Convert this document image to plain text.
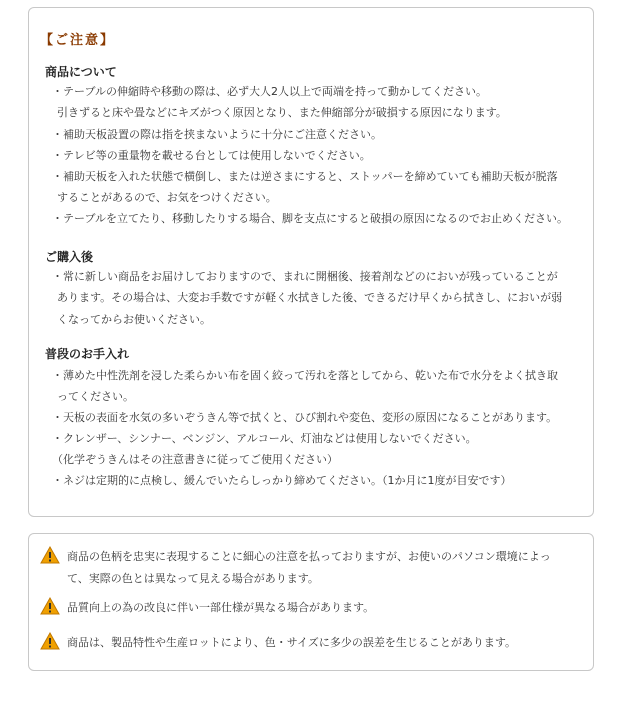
【ご注意】
商品について
・テーブルの伸縮時や移動の際は、必ず大人2人以上で両端を持って動かしてください。
引きずると床や畳などにキズがつく原因となり、また伸縮部分が破損する原因になります。
・補助天板設置の際は指を挟まないように十分にご注意ください。
・テレビ等の重量物を載せる台としては使用しないでください。
・補助天板を入れた状態で横倒し、または逆さまにすると、ストッパーを締めていても補助天板が脱落
することがあるので、お気をつけください。
・テーブルを立てたり、移動したりする場合、脚を支点にすると破損の原因になるのでお止めください。
ご購入後
・常に新しい商品をお届けしておりますので、まれに開梱後、接着剤などのにおいが残っていることが
あります。その場合は、大変お手数ですが軽く水拭きした後、できるだけ早くから拭きし、においが弱
くなってからお使いください。
普段のお手入れ
・薄めた中性洗剤を浸した柔らかい布を固く絞って汚れを落としてから、乾いた布で水分をよく拭き取
ってください。
・天板の表面を水気の多いぞうきん等で拭くと、ひび割れや変色、変形の原因になることがあります。
・クレンザー、シンナー、ベンジン、アルコール、灯油などは使用しないでください。
（化学ぞうきんはその注意書きに従ってご使用ください）
・ネジは定期的に点検し、緩んでいたらしっかり締めてください。（1か月に1度が目安です）
商品の色柄を忠実に表現することに細心の注意を払っておりますが、お使いのパソコン環境によっ
て、実際の色とは異なって見える場合があります。
品質向上の為の改良に伴い一部仕様が異なる場合があります。
商品は、製品特性や生産ロットにより、色・サイズに多少の誤差を生じることがあります。
